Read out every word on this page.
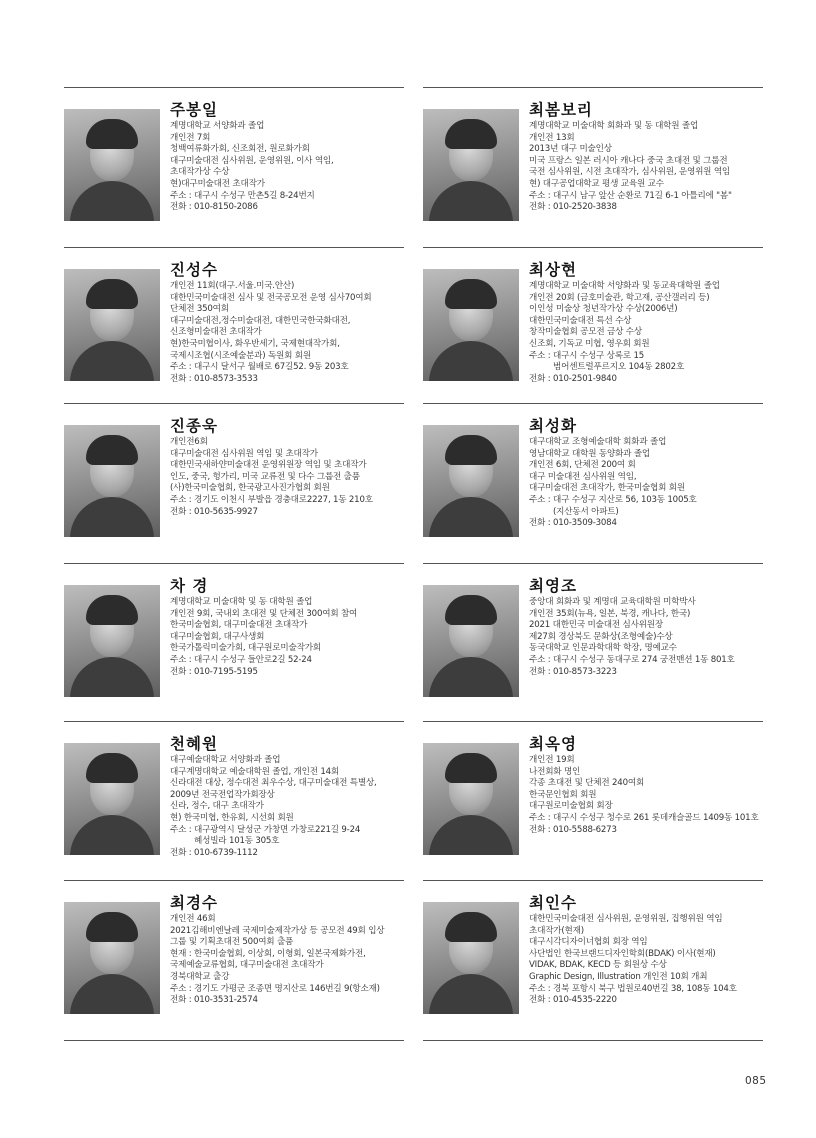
주봉일
계명대학교 서양화과 졸업
개인전 7회
청백여류화가회, 신조회전, 원로화가회
대구미술대전 심사위원, 운영위원, 이사 역임,
초대작가상 수상
현)대구미술대전 초대작가
주소 : 대구시 수성구 만촌5길 8-24번지
전화 : 010-8150-2086
진성수
개인전 11회(대구.서울.미국.안산)
대한민국미술대전 심사 및 전국공모전 운영 심사70여회
단체전 350여회
대구미술대전,정수미술대전, 대한민국한국화대전,
신조형미술대전 초대작가
현)한국미협이사, 화우반세기, 국제현대작가회,
국제시조협(시조예술분과) 독원회 회원
주소 : 대구시 달서구 월배로 67길52. 9동 203호
전화 : 010-8573-3533
진종욱
개인전6회
대구미술대전 심사위원 역임 및 초대작가
대한민국새하얀미술대전 운영위원장 역임 및 초대작가
인도, 중국, 헝가리, 미국 교류전 및 다수 그룹전 출품
(사)한국미술협회, 한국광고사진가협회 회원
주소 : 경기도 이천시 부발읍 경충대로2227, 1동 210호
전화 : 010-5635-9927
차 경
계명대학교 미술대학 및 동 대학원 졸업
개인전 9회, 국내외 초대전 및 단체전 300여회 참여
한국미술협회, 대구미술대전 초대작가
대구미술협회, 대구사생회
한국가톨릭미술가회, 대구원로미술작가회
주소 : 대구시 수성구 들안로2길 52-24
전화 : 010-7195-5195
천혜원
대구예술대학교 서양화과 졸업
대구계명대학교 예술대학원 졸업, 개인전 14회
신라대전 대상, 정수대전 최우수상, 대구미술대전 특별상,
2009년 전국전업작가회장상
신라, 정수, 대구 초대작가
현) 한국미협, 한유회, 시선회 회원
주소 : 대구광역시 달성군 가창면 가창로221길 9-24
혜성빌라 101동 305호
전화 : 010-6739-1112
최경수
개인전 46회
2021김해비엔날레 국제미술제작가상 등 공모전 49회 입상
그룹 및 기획초대전 500여회 출품
현재 : 한국미술협회, 이상회, 이형회, 일본국제화가전,
국제예술교류협회, 대구미술대전 초대작가
경북대학교 출강
주소 : 경기도 가평군 조종면 명지산로 146번길 9(항소재)
전화 : 010-3531-2574
최봄보리
계명대학교 미술대학 회화과 및 동 대학원 졸업
개인전 13회
2013년 대구 미술인상
미국 프랑스 일본 러시아 캐나다 중국 초대전 및 그룹전
국전 심사위원, 시전 초대작가, 심사위원, 운영위원 역임
현) 대구공업대학교 평생 교육원 교수
주소 : 대구시 남구 앞산 순환로 71길 6-1 아틀리에 "봄"
전화 : 010-2520-3838
최상현
계명대학교 미술대학 서양화과 및 동교육대학원 졸업
개인전 20회 (금호미술관, 학고재, 공산갤러리 등)
이인성 미술상 청년작가상 수상(2006년)
대한민국미술대전 특선 수상
창작미술협회 공모전 금상 수상
신조회, 기독교 미협, 영우회 회원
주소 : 대구시 수성구 상록로 15
범어센트럴푸르지오 104동 2802호
전화 : 010-2501-9840
최성화
대구대학교 조형예술대학 회화과 졸업
영남대학교 대학원 동양화과 졸업
개인전 6회, 단체전 200여 회
대구 미술대전 심사위원 역임,
대구미술대전 초대작가, 한국미술협회 회원
주소 : 대구 수성구 지산로 56, 103동 1005호
(지산동서 아파트)
전화 : 010-3509-3084
최영조
중앙대 회화과 및 계명대 교육대학원 미학박사
개인전 35회(뉴욕, 일본, 북경, 캐나다, 한국)
2021 대한민국 미술대전 심사위원장
제27회 경상북도 문화상(조형예술)수상
동국대학교 인문과학대학 학장, 명예교수
주소 : 대구시 수성구 동대구로 274 궁전맨션 1동 801호
전화 : 010-8573-3223
최옥영
개인전 19회
나전회화 명인
각종 초대전 및 단체전 240여회
한국문인협회 회원
대구원로미술협회 회장
주소 : 대구시 수성구 청수로 261 롯데캐슬골드 1409동 101호
전화 : 010-5588-6273
최인수
대한민국미술대전 심사위원, 운영위원, 집행위원 역임
초대작가(현재)
대구시각디자이너협회 회장 역임
사단법인 한국브랜드디자인학회(BDAK) 이사(현재)
VIDAK, BDAK, KECD 등 회원상 수상
Graphic Design, Illustration 개인전 10회 개최
주소 : 경북 포항시 북구 법원로40번길 38, 108동 104호
전화 : 010-4535-2220
085
